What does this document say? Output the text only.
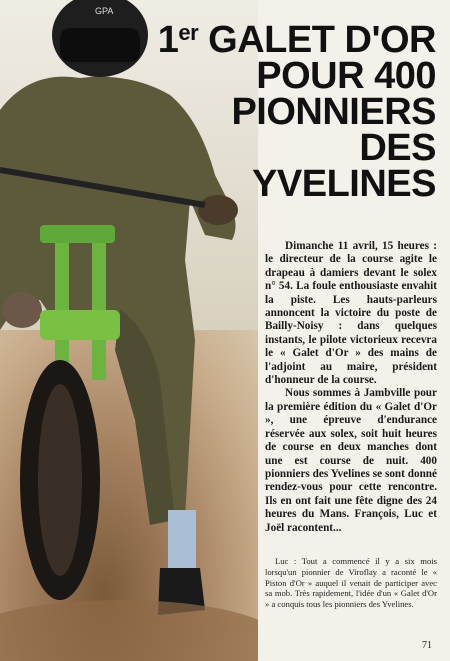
GPA
1er GALET D'OR
POUR 400
PIONNIERS
DES
YVELINES

Dimanche 11 avril, 15 heures : le directeur de la course agite le drapeau à damiers devant le solex n° 54. La foule enthousiaste envahit la piste. Les hauts-parleurs annoncent la victoire du poste de Bailly-Noisy : dans quelques instants, le pilote victorieux recevra le « Galet d'Or » des mains de l'adjoint au maire, président d'honneur de la course.

Nous sommes à Jambville pour la première édition du « Galet d'Or », une épreuve d'endurance réservée aux solex, soit huit heures de course en deux manches dont une est course de nuit. 400 pionniers des Yvelines se sont donné rendez-vous pour cette rencontre. Ils en ont fait une fête digne des 24 heures du Mans. François, Luc et Joël racontent...

Luc : Tout a commencé il y a six mois lorsqu'un pionnier de Viroflay a raconté le « Piston d'Or » auquel il venait de participer avec sa mob. Très rapidement, l'idée d'un « Galet d'Or » a conquis tous les pionniers des Yvelines.

71
